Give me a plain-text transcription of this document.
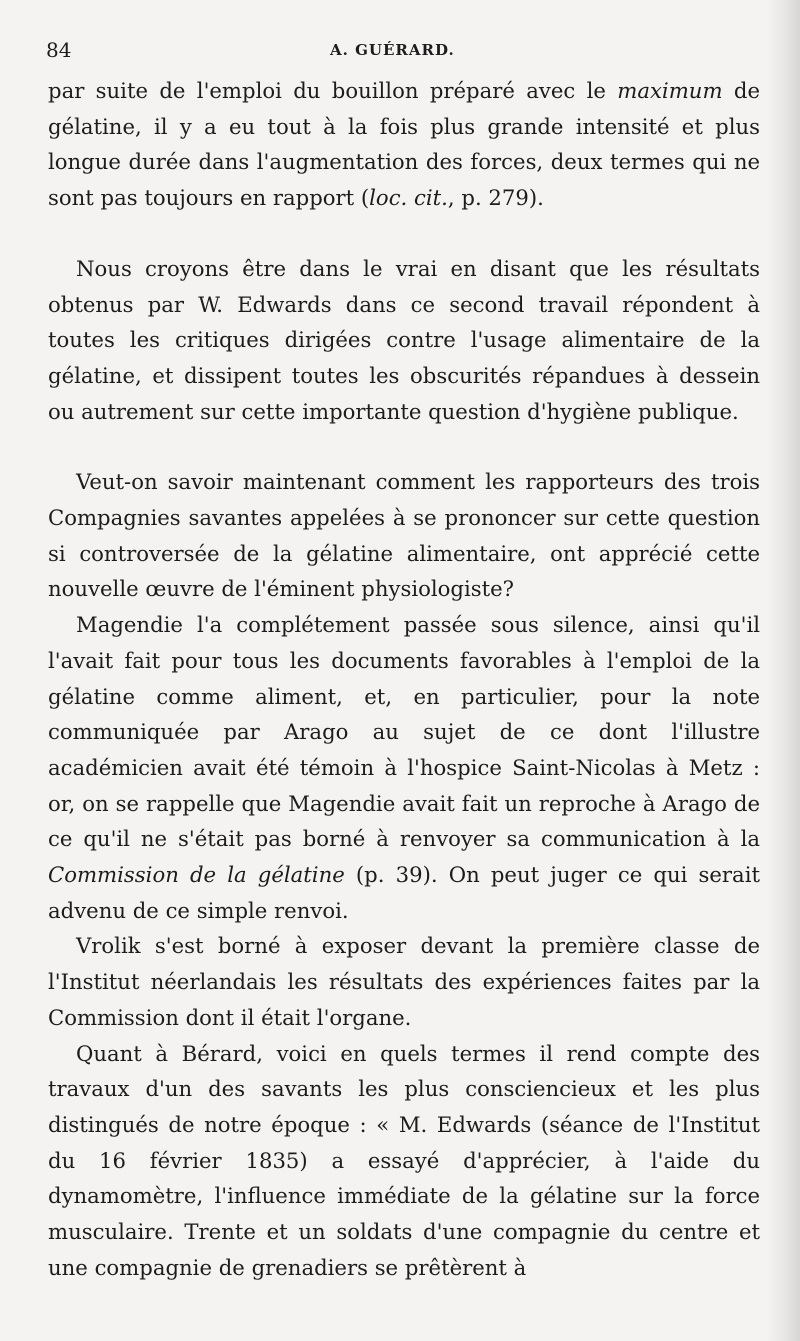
84	A. GUÉRARD.

par suite de l'emploi du bouillon préparé avec le maximum de gélatine, il y a eu tout à la fois plus grande intensité et plus longue durée dans l'augmentation des forces, deux termes qui ne sont pas toujours en rapport (loc. cit., p. 279).

Nous croyons être dans le vrai en disant que les résultats obtenus par W. Edwards dans ce second travail répondent à toutes les critiques dirigées contre l'usage alimentaire de la gélatine, et dissipent toutes les obscurités répandues à dessein ou autrement sur cette importante question d'hygiène publique.

Veut-on savoir maintenant comment les rapporteurs des trois Compagnies savantes appelées à se prononcer sur cette question si controversée de la gélatine alimentaire, ont apprécié cette nouvelle œuvre de l'éminent physiologiste?

Magendie l'a complétement passée sous silence, ainsi qu'il l'avait fait pour tous les documents favorables à l'emploi de la gélatine comme aliment, et, en particulier, pour la note communiquée par Arago au sujet de ce dont l'illustre académicien avait été témoin à l'hospice Saint-Nicolas à Metz : or, on se rappelle que Magendie avait fait un reproche à Arago de ce qu'il ne s'était pas borné à renvoyer sa communication à la Commission de la gélatine (p. 39). On peut juger ce qui serait advenu de ce simple renvoi.

Vrolik s'est borné à exposer devant la première classe de l'Institut néerlandais les résultats des expériences faites par la Commission dont il était l'organe.

Quant à Bérard, voici en quels termes il rend compte des travaux d'un des savants les plus consciencieux et les plus distingués de notre époque : « M. Edwards (séance de l'Institut du 16 février 1835) a essayé d'apprécier, à l'aide du dynamomètre, l'influence immédiate de la gélatine sur la force musculaire. Trente et un soldats d'une compagnie du centre et une compagnie de grenadiers se prêtèrent à
